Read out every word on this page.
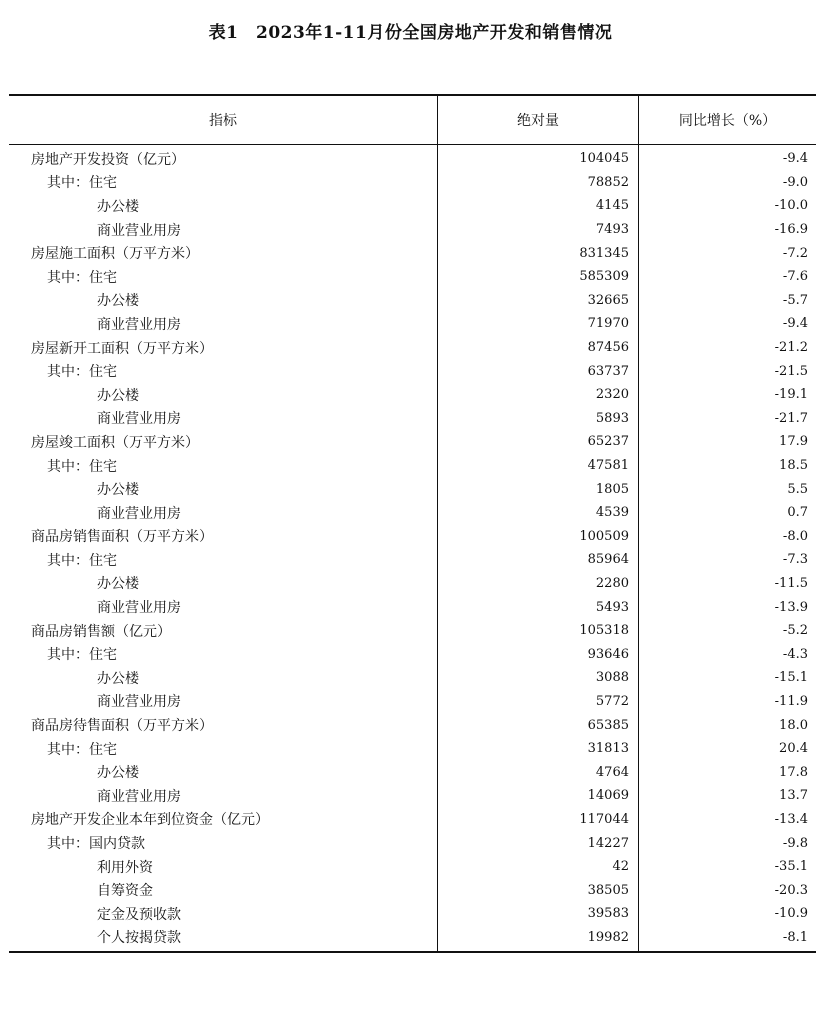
表1　2023年1-11月份全国房地产开发和销售情况
指标	绝对量	同比增长（%）
房地产开发投资（亿元）	104045	-9.4
其中：住宅	78852	-9.0
办公楼	4145	-10.0
商业营业用房	7493	-16.9
房屋施工面积（万平方米）	831345	-7.2
其中：住宅	585309	-7.6
办公楼	32665	-5.7
商业营业用房	71970	-9.4
房屋新开工面积（万平方米）	87456	-21.2
其中：住宅	63737	-21.5
办公楼	2320	-19.1
商业营业用房	5893	-21.7
房屋竣工面积（万平方米）	65237	17.9
其中：住宅	47581	18.5
办公楼	1805	5.5
商业营业用房	4539	0.7
商品房销售面积（万平方米）	100509	-8.0
其中：住宅	85964	-7.3
办公楼	2280	-11.5
商业营业用房	5493	-13.9
商品房销售额（亿元）	105318	-5.2
其中：住宅	93646	-4.3
办公楼	3088	-15.1
商业营业用房	5772	-11.9
商品房待售面积（万平方米）	65385	18.0
其中：住宅	31813	20.4
办公楼	4764	17.8
商业营业用房	14069	13.7
房地产开发企业本年到位资金（亿元）	117044	-13.4
其中：国内贷款	14227	-9.8
利用外资	42	-35.1
自筹资金	38505	-20.3
定金及预收款	39583	-10.9
个人按揭贷款	19982	-8.1
